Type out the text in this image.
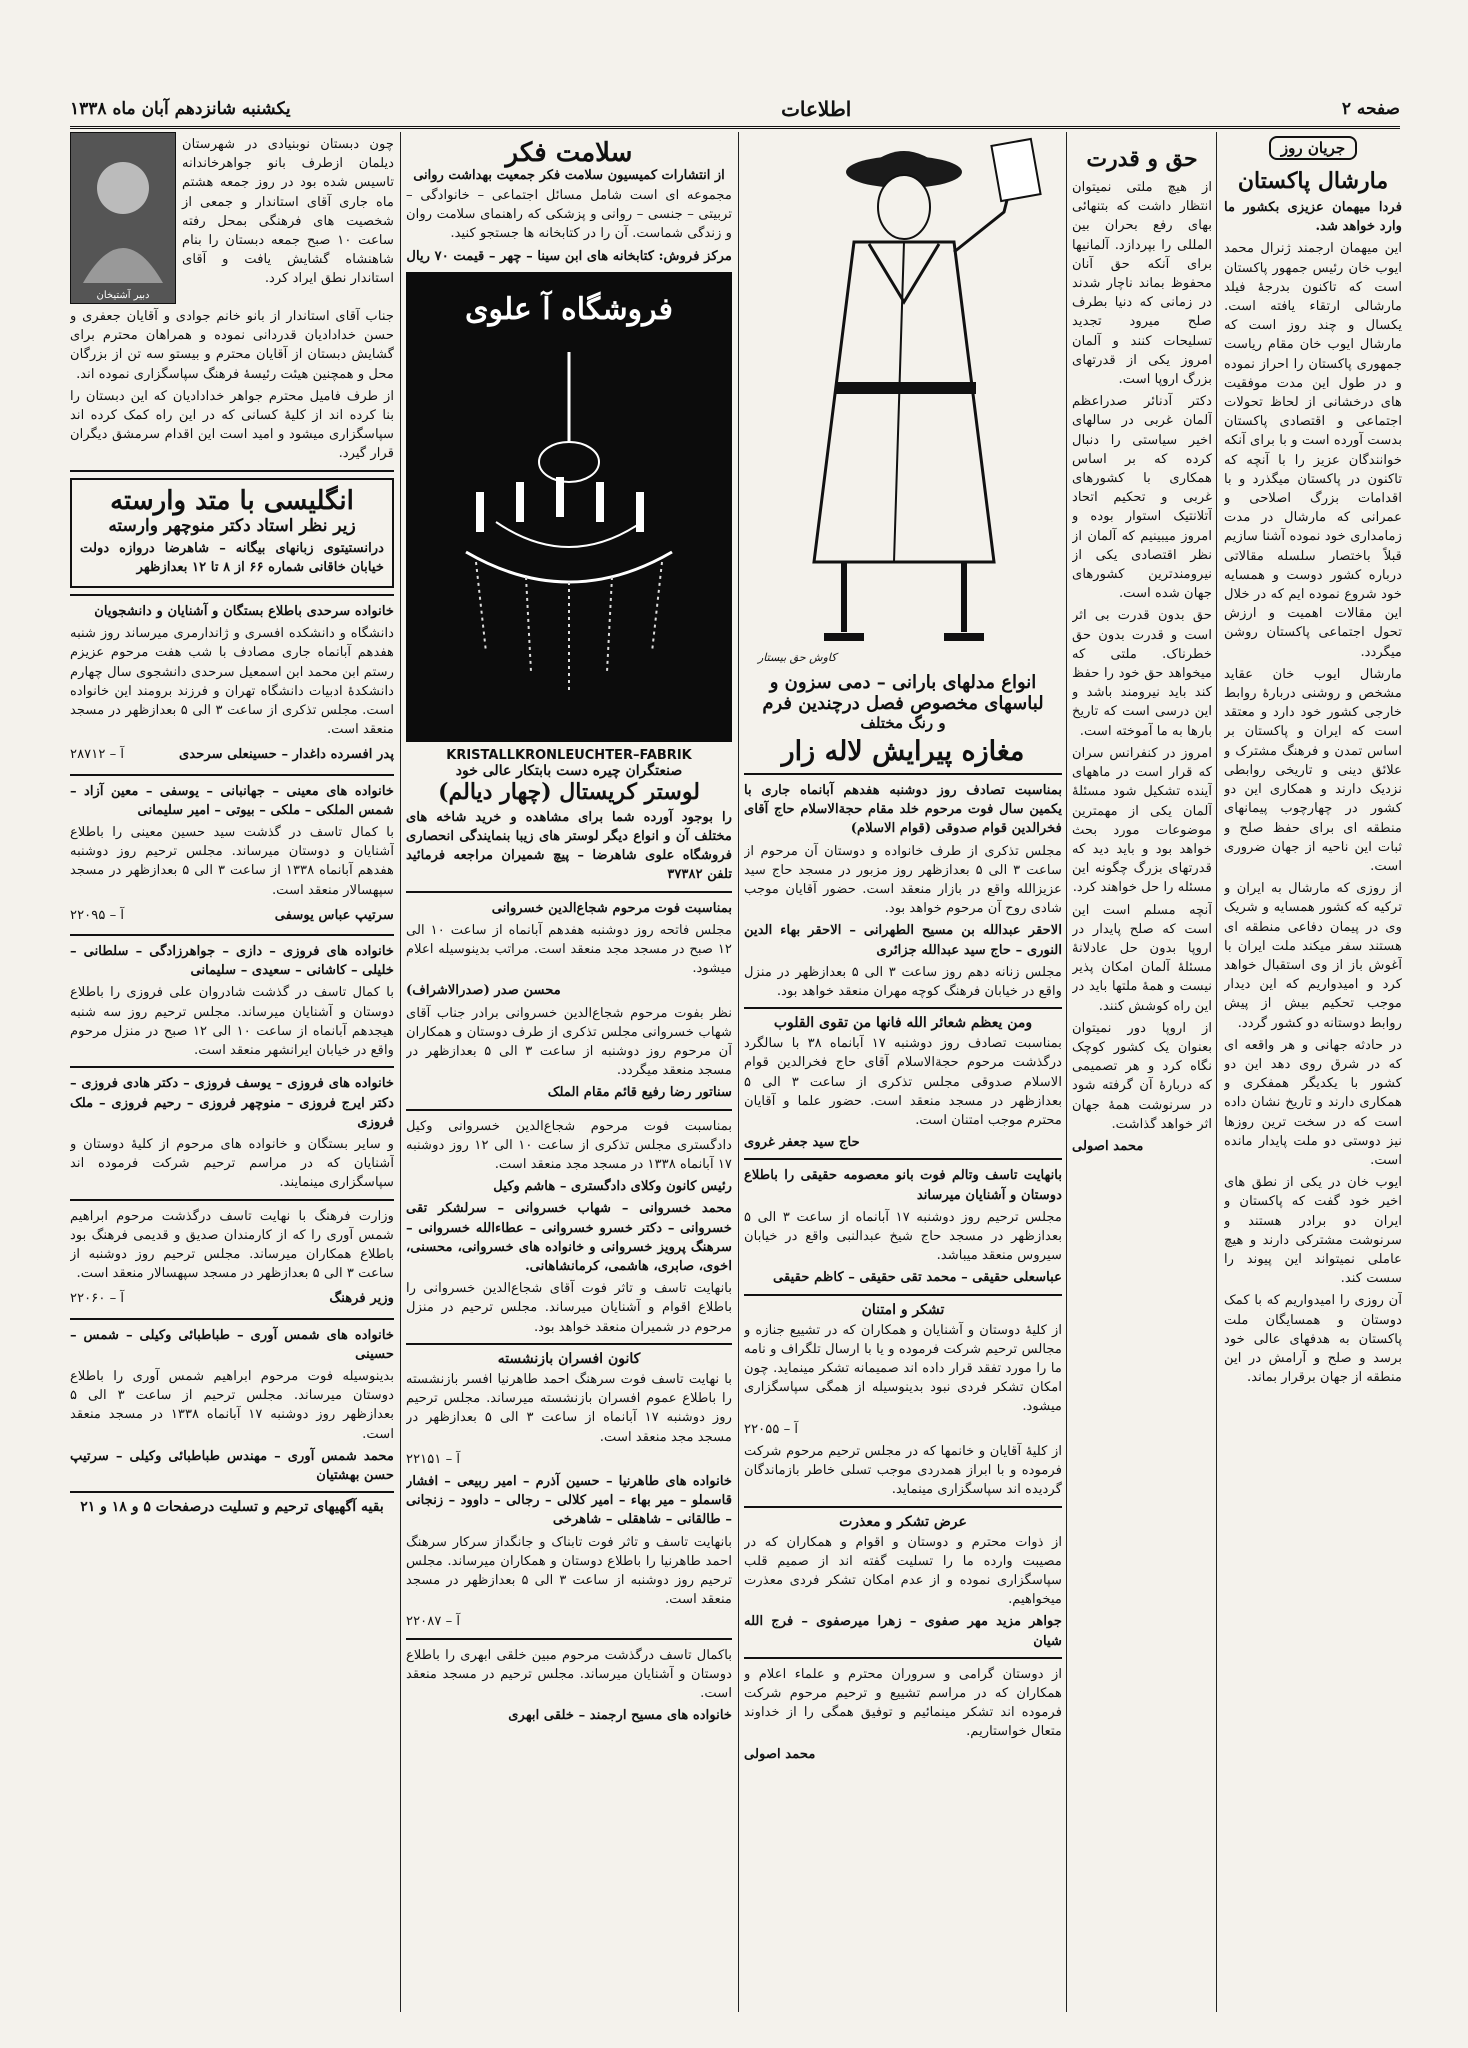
صفحه ۲
اطلاعات
یکشنبه شانزدهم آبان ماه ۱۳۳۸
جریان روز
مارشال پاکستان
فردا میهمان عزیزی بکشور ما وارد خواهد شد.
این میهمان ارجمند ژنرال محمد ایوب خان رئیس جمهور پاکستان است که تاکنون بدرجهٔ فیلد مارشالی ارتقاء یافته است. یکسال و چند روز است که مارشال ایوب خان مقام ریاست جمهوری پاکستان را احراز نموده و در طول این مدت موفقیت های درخشانی از لحاظ تحولات اجتماعی و اقتصادی پاکستان بدست آورده است و با برای آنکه خوانندگان عزیز را با آنچه که تاکنون در پاکستان میگذرد و با اقدامات بزرگ اصلاحی و عمرانی که مارشال در مدت زمامداری خود نموده آشنا سازیم قبلاً باختصار سلسله مقالاتی درباره کشور دوست و همسایه خود شروع نموده ایم که در خلال این مقالات اهمیت و ارزش تحول اجتماعی پاکستان روشن میگردد.
مارشال ایوب خان عقاید مشخص و روشنی دربارهٔ روابط خارجی کشور خود دارد و معتقد است که ایران و پاکستان بر اساس تمدن و فرهنگ مشترک و علائق دینی و تاریخی روابطی نزدیک دارند و همکاری این دو کشور در چهارچوب پیمانهای منطقه ای برای حفظ صلح و ثبات این ناحیه از جهان ضروری است.
از روزی که مارشال به ایران و ترکیه که کشور همسایه و شریک وی در پیمان دفاعی منطقه ای هستند سفر میکند ملت ایران با آغوش باز از وی استقبال خواهد کرد و امیدواریم که این دیدار موجب تحکیم بیش از پیش روابط دوستانه دو کشور گردد.
در حادثه جهانی و هر واقعه ای که در شرق روی دهد این دو کشور با یکدیگر همفکری و همکاری دارند و تاریخ نشان داده است که در سخت ترین روزها نیز دوستی دو ملت پایدار مانده است.
ایوب خان در یکی از نطق های اخیر خود گفت که پاکستان و ایران دو برادر هستند و سرنوشت مشترکی دارند و هیچ عاملی نمیتواند این پیوند را سست کند.
آن روزی را امیدواریم که با کمک دوستان و همسایگان ملت پاکستان به هدفهای عالی خود برسد و صلح و آرامش در این منطقه از جهان برقرار بماند.
حق و قدرت
از هیچ ملتی نمیتوان انتظار داشت که بتنهائی بهای رفع بحران بین المللی را بپردازد. آلمانیها برای آنکه حق آنان محفوظ بماند ناچار شدند در زمانی که دنیا بطرف صلح میرود تجدید تسلیحات کنند و آلمان امروز یکی از قدرتهای بزرگ اروپا است.
دکتر آدنائر صدراعظم آلمان غربی در سالهای اخیر سیاستی را دنبال کرده که بر اساس همکاری با کشورهای غربی و تحکیم اتحاد آتلانتیک استوار بوده و امروز میبینیم که آلمان از نظر اقتصادی یکی از نیرومندترین کشورهای جهان شده است.
حق بدون قدرت بی اثر است و قدرت بدون حق خطرناک. ملتی که میخواهد حق خود را حفظ کند باید نیرومند باشد و این درسی است که تاریخ بارها به ما آموخته است.
امروز در کنفرانس سران که قرار است در ماههای آینده تشکیل شود مسئلهٔ آلمان یکی از مهمترین موضوعات مورد بحث خواهد بود و باید دید که قدرتهای بزرگ چگونه این مسئله را حل خواهند کرد.
آنچه مسلم است این است که صلح پایدار در اروپا بدون حل عادلانهٔ مسئلهٔ آلمان امکان پذیر نیست و همهٔ ملتها باید در این راه کوشش کنند.
از اروپا دور نمیتوان بعنوان یک کشور کوچک نگاه کرد و هر تصمیمی که دربارهٔ آن گرفته شود در سرنوشت همهٔ جهان اثر خواهد گذاشت.
محمد اصولی
کاوش حق بیستار
انواع مدلهای بارانی – دمی سزون و
لباسهای مخصوص فصل درچندین فرم
و رنگ مختلف
مغازه پیرایش لاله زار
بمناسبت تصادف روز دوشنبه هفدهم آبانماه جاری با یکمین سال فوت مرحوم خلد مقام حجة‌الاسلام حاج آقای فخرالدین قوام صدوقی (قوام الاسلام)
مجلس تذکری از طرف خانواده و دوستان آن مرحوم از ساعت ۳ الی ۵ بعدازظهر روز مزبور در مسجد حاج سید عزیزالله واقع در بازار منعقد است. حضور آقایان موجب شادی روح آن مرحوم خواهد بود.
الاحقر عبدالله بن مسیح الطهرانی – الاحقر بهاء الدین النوری – حاج سید عبدالله جزائری
مجلس زنانه دهم روز ساعت ۳ الی ۵ بعدازظهر در منزل واقع در خیابان فرهنگ کوچه مهران منعقد خواهد بود.
ومن یعظم شعائر الله فانها من تقوی القلوب
بمناسبت تصادف روز دوشنبه ۱۷ آبانماه ۳۸ با سالگرد درگذشت مرحوم حجة‌الاسلام آقای حاج فخرالدین قوام الاسلام صدوقی مجلس تذکری از ساعت ۳ الی ۵ بعدازظهر در مسجد منعقد است. حضور علما و آقایان محترم موجب امتنان است.
حاج سید جعفر غروی
بانهایت تاسف وتالم فوت بانو معصومه حقیقی را باطلاع دوستان و آشنایان میرساند
مجلس ترحیم روز دوشنبه ۱۷ آبانماه از ساعت ۳ الی ۵ بعدازظهر در مسجد حاج شیخ عبدالنبی واقع در خیابان سیروس منعقد میباشد.
عباسعلی حقیقی – محمد تقی حقیقی – کاظم حقیقی
تشکر و امتنان
از کلیهٔ دوستان و آشنایان و همکاران که در تشییع جنازه و مجالس ترحیم شرکت فرموده و یا با ارسال تلگراف و نامه ما را مورد تفقد قرار داده اند صمیمانه تشکر مینماید. چون امکان تشکر فردی نبود بدینوسیله از همگی سپاسگزاری میشود.
آ – ۲۲۰۵۵
از کلیهٔ آقایان و خانمها که در مجلس ترحیم مرحوم شرکت فرموده و با ابراز همدردی موجب تسلی خاطر بازماندگان گردیده اند سپاسگزاری مینماید.
عرض تشکر و معذرت
از ذوات محترم و دوستان و اقوام و همکاران که در مصیبت وارده ما را تسلیت گفته اند از صمیم قلب سپاسگزاری نموده و از عدم امکان تشکر فردی معذرت میخواهیم.
جواهر مزید مهر صفوی – زهرا میرصفوی – فرج الله شیان
از دوستان گرامی و سروران محترم و علماء اعلام و همکاران که در مراسم تشییع و ترحیم مرحوم شرکت فرموده اند تشکر مینمائیم و توفیق همگی را از خداوند متعال خواستاریم.
محمد اصولی
سلامت فکر
از انتشارات کمیسیون سلامت فکر جمعیت بهداشت روانی
مجموعه ای است شامل مسائل اجتماعی – خانوادگی – تربیتی – جنسی – روانی و پزشکی که راهنمای سلامت روان و زندگی شماست. آن را در کتابخانه ها جستجو کنید.
مرکز فروش: کتابخانه های ابن سینا – چهر – قیمت ۷۰ ریال
فروشگاه آ علوی
KRISTALLKRONLEUCHTER–FABRIK
صنعتگران چیره دست بابتکار عالی خود
لوستر کریستال (چهار دیالم)
را بوجود آورده شما برای مشاهده و خرید شاخه های مختلف آن و انواع دیگر لوستر های زیبا بنمایندگی انحصاری فروشگاه علوی شاهرضا – پیچ شمیران مراجعه فرمائید تلفن ۳۷۳۸۲
بمناسبت فوت مرحوم شجاع‌الدین خسروانی
مجلس فاتحه روز دوشنبه هفدهم آبانماه از ساعت ۱۰ الی ۱۲ صبح در مسجد مجد منعقد است. مراتب بدینوسیله اعلام میشود.
محسن صدر (صدرالاشراف)
نظر بفوت مرحوم شجاع‌الدین خسروانی برادر جناب آقای شهاب خسروانی مجلس تذکری از طرف دوستان و همکاران آن مرحوم روز دوشنبه از ساعت ۳ الی ۵ بعدازظهر در مسجد منعقد میگردد.
سناتور رضا رفیع قائم مقام الملک
بمناسبت فوت مرحوم شجاع‌الدین خسروانی وکیل دادگستری مجلس تذکری از ساعت ۱۰ الی ۱۲ روز دوشنبه ۱۷ آبانماه ۱۳۳۸ در مسجد مجد منعقد است.
رئیس کانون وکلای دادگستری – هاشم وکیل
محمد خسروانی – شهاب خسروانی – سرلشکر تقی خسروانی – دکتر خسرو خسروانی – عطاءالله خسروانی – سرهنگ پرویز خسروانی و خانواده های خسروانی، محسنی، اخوی، صابری، هاشمی، کرمانشاهانی.
بانهایت تاسف و تاثر فوت آقای شجاع‌الدین خسروانی را باطلاع اقوام و آشنایان میرساند. مجلس ترحیم در منزل مرحوم در شمیران منعقد خواهد بود.
کانون افسران بازنشسته
با نهایت تاسف فوت سرهنگ احمد طاهرنیا افسر بازنشسته را باطلاع عموم افسران بازنشسته میرساند. مجلس ترحیم روز دوشنبه ۱۷ آبانماه از ساعت ۳ الی ۵ بعدازظهر در مسجد مجد منعقد است.
آ – ۲۲۱۵۱
خانواده های طاهرنیا – حسین آذرم – امیر ربیعی – افشار قاسملو – میر بهاء – امیر کلالی – رجالی – داوود – زنجانی – طالقانی – شاهقلی – شاهرخی
بانهایت تاسف و تاثر فوت تابناک و جانگداز سرکار سرهنگ احمد طاهرنیا را باطلاع دوستان و همکاران میرساند. مجلس ترحیم روز دوشنبه از ساعت ۳ الی ۵ بعدازظهر در مسجد منعقد است.
آ – ۲۲۰۸۷
باکمال تاسف درگذشت مرحوم مبین خلقی ابهری را باطلاع دوستان و آشنایان میرساند. مجلس ترحیم در مسجد منعقد است.
خانواده های مسیح ارجمند – خلقی ابهری
چون دبستان نوبنیادی در شهرستان دیلمان ازطرف بانو جواهرخاندانه تاسیس شده بود در روز جمعه هشتم ماه جاری آقای استاندار و جمعی از شخصیت های فرهنگی بمحل رفته ساعت ۱۰ صبح جمعه دبستان را بنام شاهنشاه گشایش یافت و آقای استاندار نطق ایراد کرد.
دبیر آشتیخان
جناب آقای استاندار از بانو خانم جوادی و آقایان جعفری و حسن خدادادیان قدردانی نموده و همراهان محترم برای گشایش دبستان از آقایان محترم و بیستو سه تن از بزرگان محل و همچنین هیئت رئیسهٔ فرهنگ سپاسگزاری نموده اند.
از طرف فامیل محترم جواهر خدادادیان که این دبستان را بنا کرده اند از کلیهٔ کسانی که در این راه کمک کرده اند سپاسگزاری میشود و امید است این اقدام سرمشق دیگران قرار گیرد.
انگلیسی با متد وارسته
زیر نظر استاد دکتر منوچهر وارسته
درانستیتوی زبانهای بیگانه – شاهرضا دروازه دولت خیابان خاقانی شماره ۶۶ از ۸ تا ۱۲ بعدازظهر
خانواده سرحدی باطلاع بستگان و آشنایان و دانشجویان
دانشگاه و دانشکده افسری و ژاندارمری میرساند روز شنبه هفدهم آبانماه جاری مصادف با شب هفت مرحوم عزیزم رستم ابن محمد ابن اسمعیل سرحدی دانشجوی سال چهارم دانشکدهٔ ادبیات دانشگاه تهران و فرزند برومند این خانواده است. مجلس تذکری از ساعت ۳ الی ۵ بعدازظهر در مسجد منعقد است.
پدر افسرده داغدار – حسینعلی سرحدی
آ – ۲۸۷۱۲
خانواده های معینی – جهانبانی – یوسفی – معین آزاد – شمس الملکی – ملکی – بیوتی – امیر سلیمانی
با کمال تاسف در گذشت سید حسین معینی را باطلاع آشنایان و دوستان میرساند. مجلس ترحیم روز دوشنبه هفدهم آبانماه ۱۳۳۸ از ساعت ۳ الی ۵ بعدازظهر در مسجد سپهسالار منعقد است.
سرتیپ عباس یوسفی
آ – ۲۲۰۹۵
خانواده های فروزی – دازی – جواهرزادگی – سلطانی – خلیلی – کاشانی – سعیدی – سلیمانی
با کمال تاسف در گذشت شادروان علی فروزی را باطلاع دوستان و آشنایان میرساند. مجلس ترحیم روز سه شنبه هیجدهم آبانماه از ساعت ۱۰ الی ۱۲ صبح در منزل مرحوم واقع در خیابان ایرانشهر منعقد است.
خانواده های فروزی – یوسف فروزی – دکتر هادی فروزی – دکتر ایرج فروزی – منوچهر فروزی – رحیم فروزی – ملک فروزی
و سایر بستگان و خانواده های مرحوم از کلیهٔ دوستان و آشنایان که در مراسم ترحیم شرکت فرموده اند سپاسگزاری مینمایند.
وزارت فرهنگ با نهایت تاسف درگذشت مرحوم ابراهیم شمس آوری را که از کارمندان صدیق و قدیمی فرهنگ بود باطلاع همکاران میرساند. مجلس ترحیم روز دوشنبه از ساعت ۳ الی ۵ بعدازظهر در مسجد سپهسالار منعقد است.
وزیر فرهنگ
آ – ۲۲۰۶۰
خانواده های شمس آوری – طباطبائی وکیلی – شمس – حسینی
بدینوسیله فوت مرحوم ابراهیم شمس آوری را باطلاع دوستان میرساند. مجلس ترحیم از ساعت ۳ الی ۵ بعدازظهر روز دوشنبه ۱۷ آبانماه ۱۳۳۸ در مسجد منعقد است.
محمد شمس آوری – مهندس طباطبائی وکیلی – سرتیپ حسن بهشتیان
بقیه آگهیهای ترحیم و تسلیت درصفحات ۵ و ۱۸ و ۲۱
